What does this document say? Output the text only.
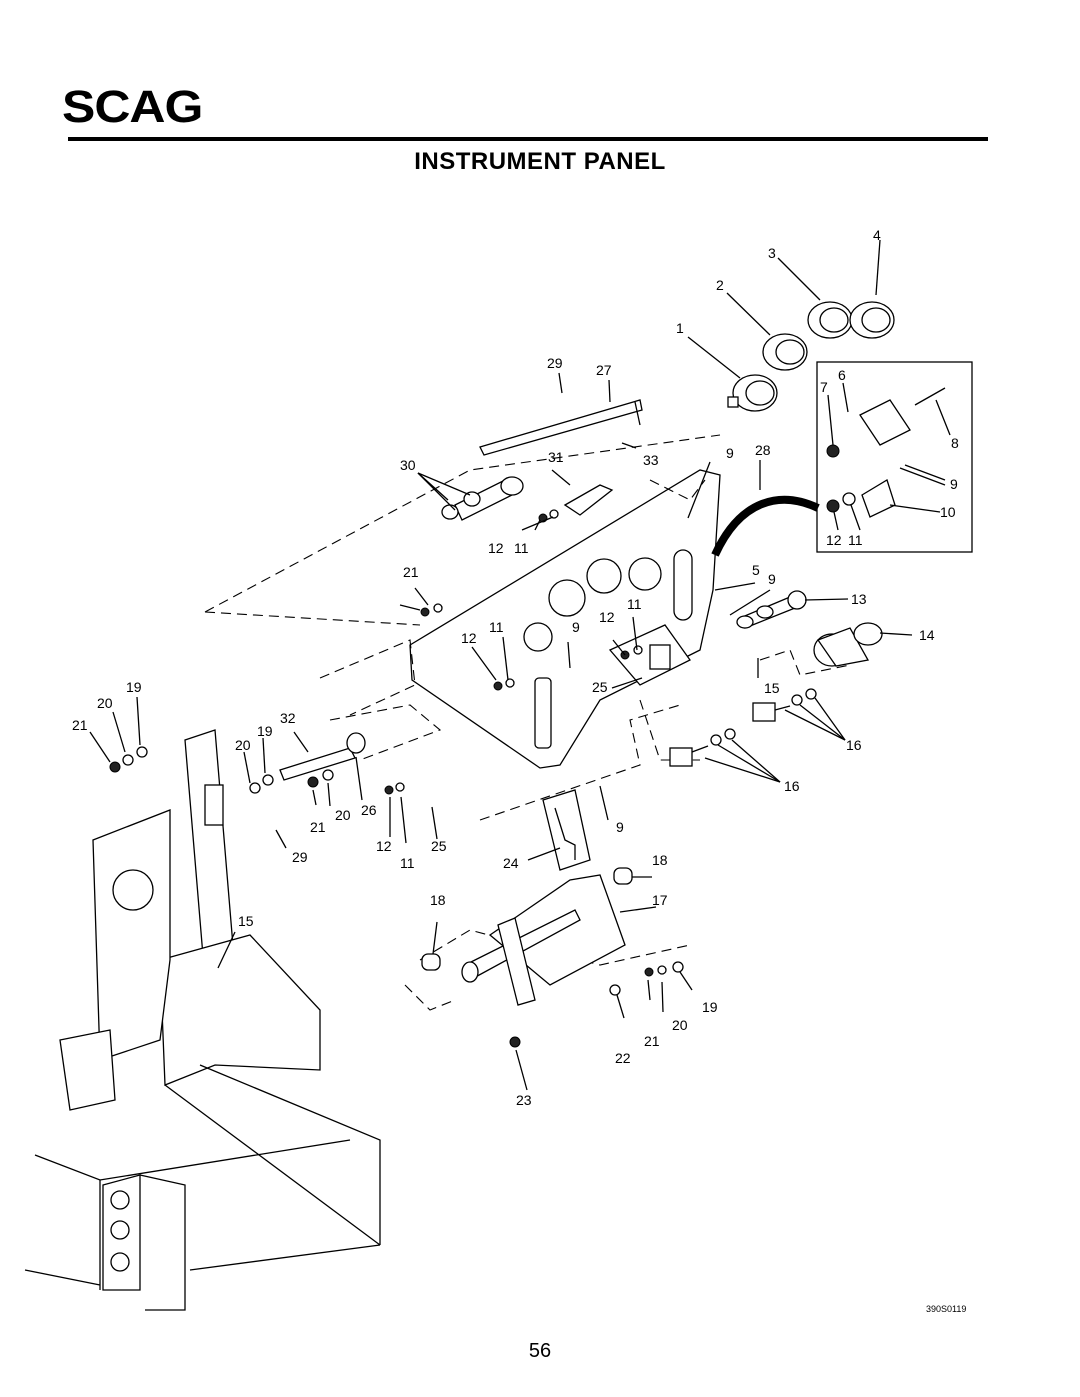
SCAG
INSTRUMENT PANEL
1
2
3
4
5
6
7
8
9
9
9
9
9
10
11
11
11
11
11
12
12
12
12
12
13
14
15
15
16
16
17
18
18
19
19
19
20
20
20
20
21
21
21
21
22
23
24
25
25
26
27
28
29
29
30	31
32
33
390S0119
56
